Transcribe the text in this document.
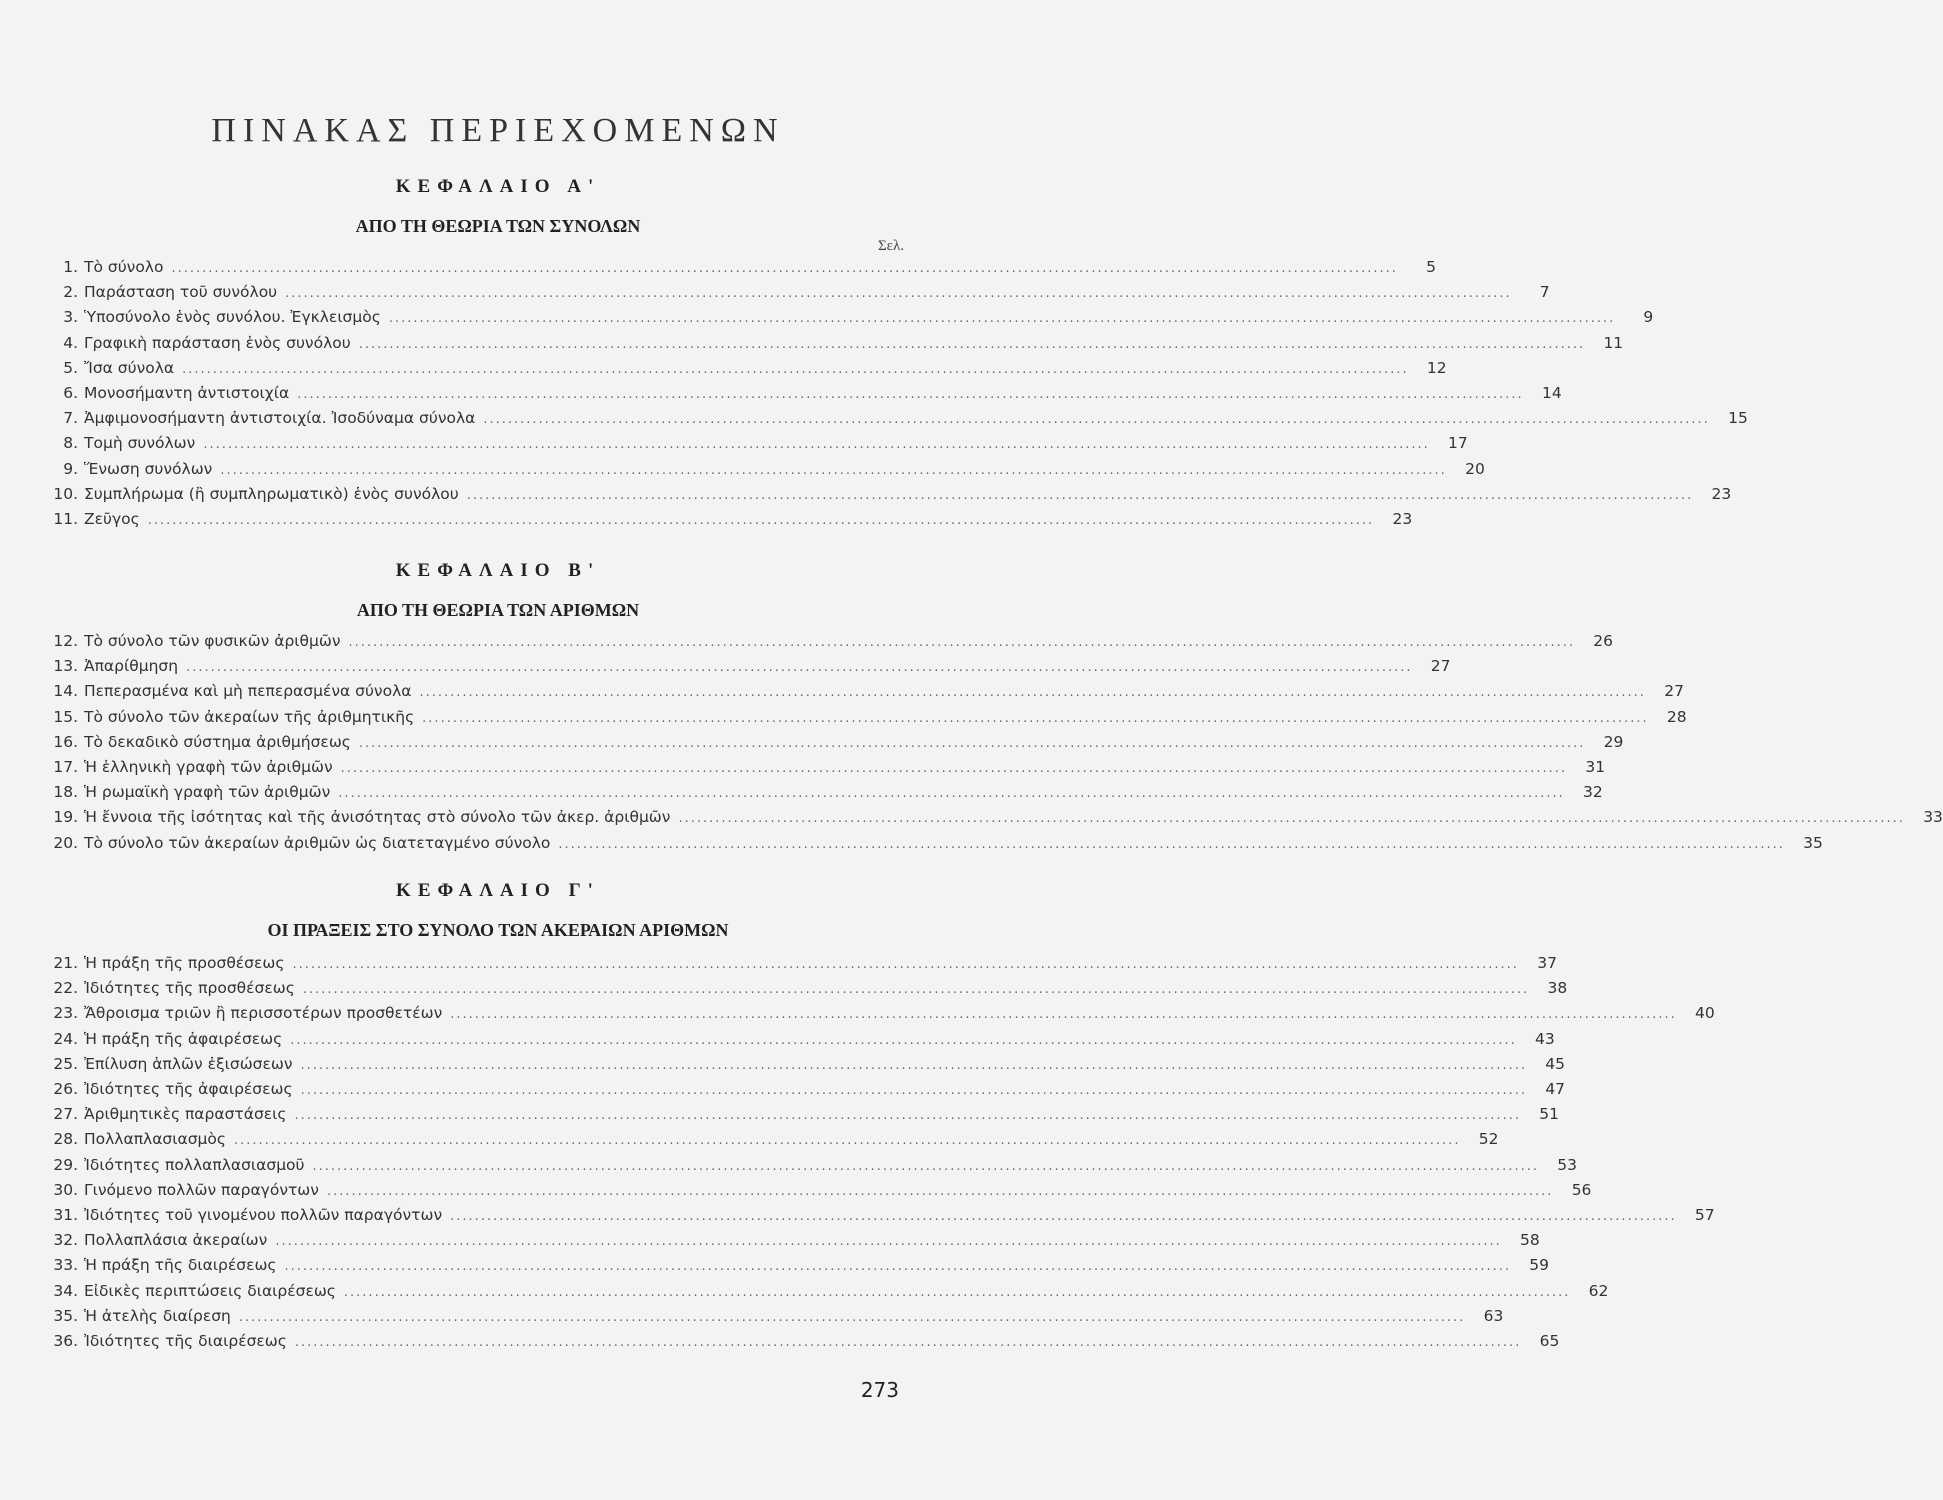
ΠΙΝΑΚΑΣ ΠΕΡΙΕΧΟΜΕΝΩΝ
ΚΕΦΑΛΑΙΟ Α'
ΑΠΟ ΤΗ ΘΕΩΡΙΑ ΤΩΝ ΣΥΝΟΛΩΝ
Σελ.
1. Τὸ σύνολο ........................................................................................................................................................................................................	5
2. Παράσταση τοῦ συνόλου ........................................................................................................................................................................................................	7
3. Ὑποσύνολο ἑνὸς συνόλου. Ἐγκλεισμὸς ........................................................................................................................................................................................................	9
4. Γραφικὴ παράσταση ἑνὸς συνόλου ........................................................................................................................................................................................................	11
5. Ἴσα σύνολα ........................................................................................................................................................................................................	12
6. Μονοσήμαντη ἀντιστοιχία ........................................................................................................................................................................................................	14
7. Ἀμφιμονοσήμαντη ἀντιστοιχία. Ἰσοδύναμα σύνολα ........................................................................................................................................................................................................	15
8. Τομὴ συνόλων ........................................................................................................................................................................................................	17
9. Ἕνωση συνόλων ........................................................................................................................................................................................................	20
10. Συμπλήρωμα (ἢ συμπληρωματικὸ) ἑνὸς συνόλου ........................................................................................................................................................................................................	23
11. Ζεῦγος ........................................................................................................................................................................................................	23
ΚΕΦΑΛΑΙΟ Β'
ΑΠΟ ΤΗ ΘΕΩΡΙΑ ΤΩΝ ΑΡΙΘΜΩΝ
12. Τὸ σύνολο τῶν φυσικῶν ἀριθμῶν ........................................................................................................................................................................................................	26
13. Ἀπαρίθμηση ........................................................................................................................................................................................................	27
14. Πεπερασμένα καὶ μὴ πεπερασμένα σύνολα ........................................................................................................................................................................................................	27
15. Τὸ σύνολο τῶν ἀκεραίων τῆς ἀριθμητικῆς ........................................................................................................................................................................................................	28
16. Τὸ δεκαδικὸ σύστημα ἀριθμήσεως ........................................................................................................................................................................................................	29
17. Ἡ ἑλληνικὴ γραφὴ τῶν ἀριθμῶν ........................................................................................................................................................................................................	31
18. Ἡ ρωμαϊκὴ γραφὴ τῶν ἀριθμῶν ........................................................................................................................................................................................................	32
19. Ἡ ἔννοια τῆς ἰσότητας καὶ τῆς ἀνισότητας στὸ σύνολο τῶν ἀκερ. ἀριθμῶν ........................................................................................................................................................................................................	33
20. Τὸ σύνολο τῶν ἀκεραίων ἀριθμῶν ὡς διατεταγμένο σύνολο ........................................................................................................................................................................................................	35
ΚΕΦΑΛΑΙΟ Γ'
ΟΙ ΠΡΑΞΕΙΣ ΣΤΟ ΣΥΝΟΛΟ ΤΩΝ ΑΚΕΡΑΙΩΝ ΑΡΙΘΜΩΝ
21. Ἡ πράξη τῆς προσθέσεως ........................................................................................................................................................................................................	37
22. Ἰδιότητες τῆς προσθέσεως ........................................................................................................................................................................................................	38
23. Ἄθροισμα τριῶν ἢ περισσοτέρων προσθετέων ........................................................................................................................................................................................................	40
24. Ἡ πράξη τῆς ἀφαιρέσεως ........................................................................................................................................................................................................	43
25. Ἐπίλυση ἁπλῶν ἐξισώσεων ........................................................................................................................................................................................................	45
26. Ἰδιότητες τῆς ἀφαιρέσεως ........................................................................................................................................................................................................	47
27. Ἀριθμητικὲς παραστάσεις ........................................................................................................................................................................................................	51
28. Πολλαπλασιασμὸς ........................................................................................................................................................................................................	52
29. Ἰδιότητες πολλαπλασιασμοῦ ........................................................................................................................................................................................................	53
30. Γινόμενο πολλῶν παραγόντων ........................................................................................................................................................................................................	56
31. Ἰδιότητες τοῦ γινομένου πολλῶν παραγόντων ........................................................................................................................................................................................................	57
32. Πολλαπλάσια ἀκεραίων ........................................................................................................................................................................................................	58
33. Ἡ πράξη τῆς διαιρέσεως ........................................................................................................................................................................................................	59
34. Εἰδικὲς περιπτώσεις διαιρέσεως ........................................................................................................................................................................................................	62
35. Ἡ ἀτελὴς διαίρεση ........................................................................................................................................................................................................	63
36. Ἰδιότητες τῆς διαιρέσεως ........................................................................................................................................................................................................	65
273
